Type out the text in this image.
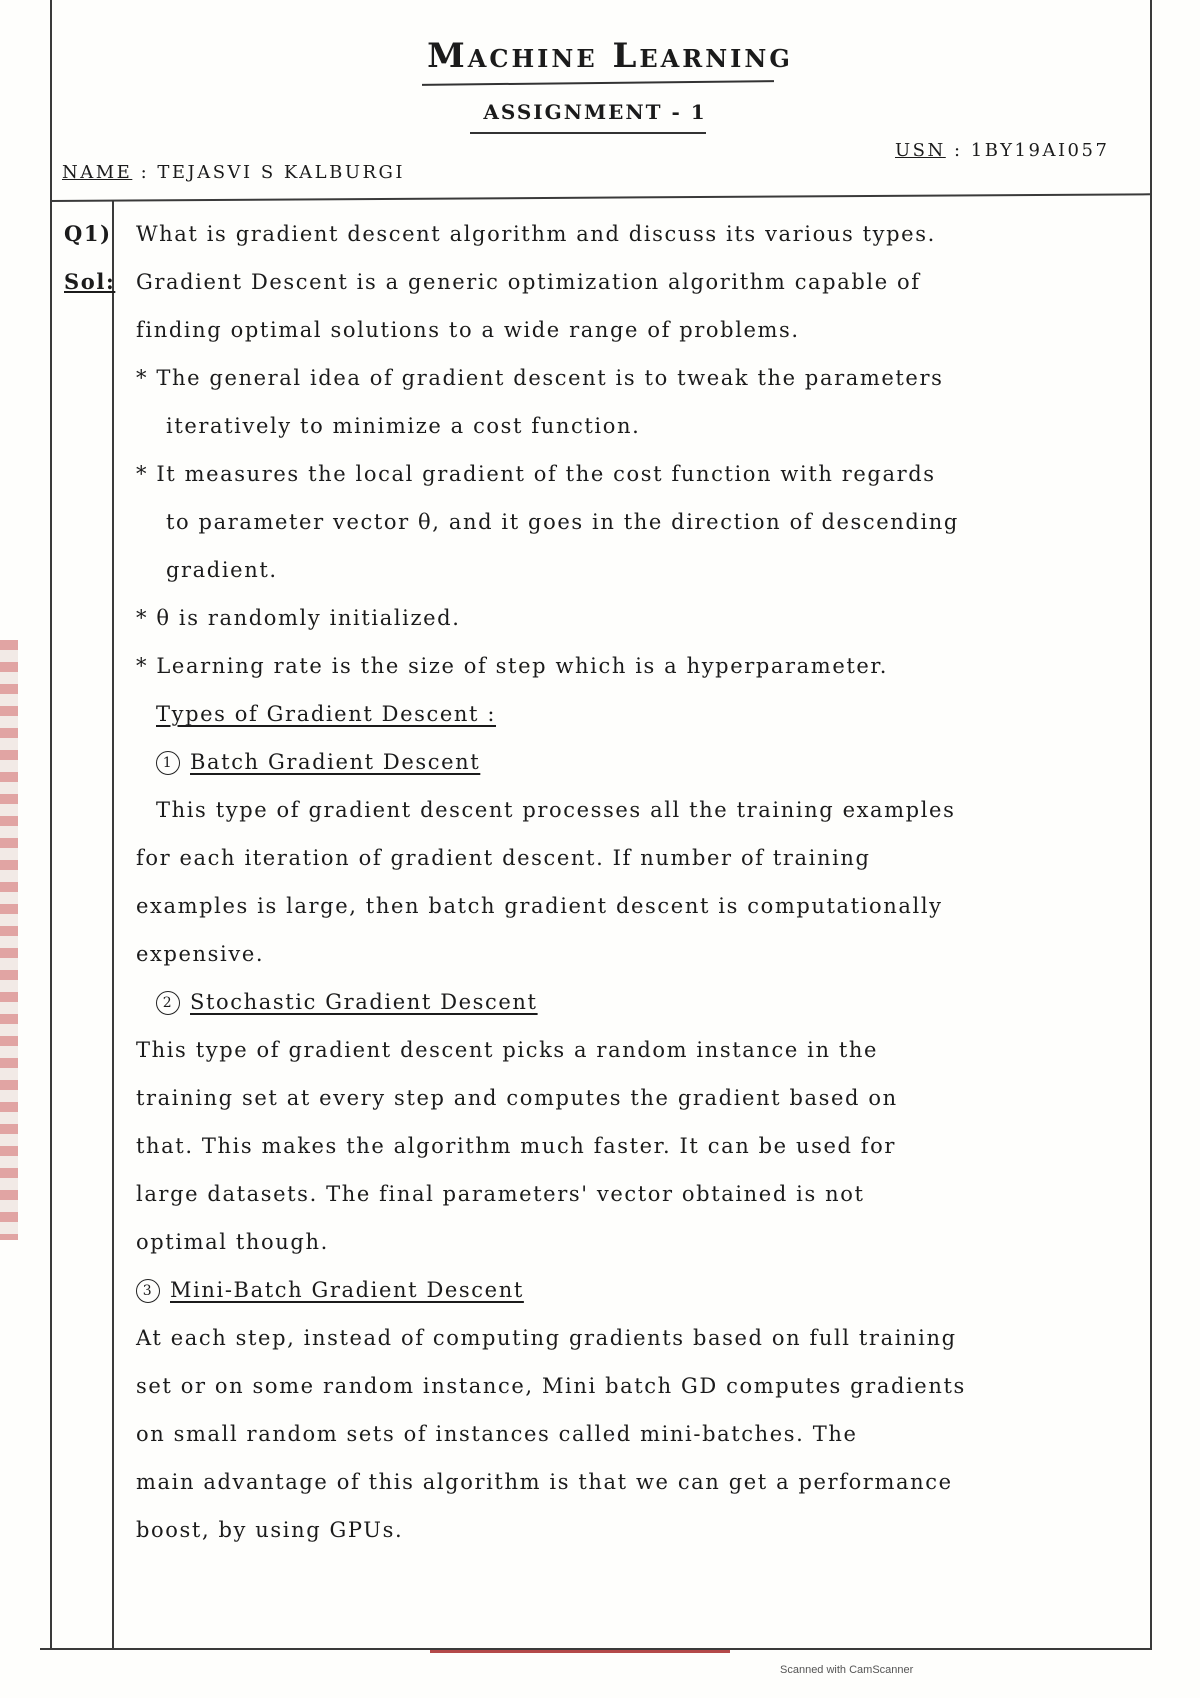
Machine Learning
ASSIGNMENT - 1

NAME : TEJASVI S KALBURGI

USN : 1BY19AI057

Q1)	What is gradient descent algorithm and discuss its various types.
Sol: Gradient Descent is a generic optimization algorithm capable of
finding optimal solutions to a wide range of problems.
* The general idea of gradient descent is to tweak the parameters
iteratively to minimize a cost function.
* It measures the local gradient of the cost function with regards
to parameter vector θ, and it goes in the direction of descending
gradient.
* θ is randomly initialized.
* Learning rate is the size of step which is a hyperparameter.
Types of Gradient Descent :
1 Batch Gradient Descent
This type of gradient descent processes all the training examples
for each iteration of gradient descent. If number of training
examples is large, then batch gradient descent is computationally
expensive.
2 Stochastic Gradient Descent
This type of gradient descent picks a random instance in the
training set at every step and computes the gradient based on
that. This makes the algorithm much faster. It can be used for
large datasets. The final parameters' vector obtained is not
optimal though.
3 Mini-Batch Gradient Descent
At each step, instead of computing gradients based on full training
set or on some random instance, Mini batch GD computes gradients
on small random sets of instances called mini-batches. The
main advantage of this algorithm is that we can get a performance
boost, by using GPUs.

Scanned with CamScanner
